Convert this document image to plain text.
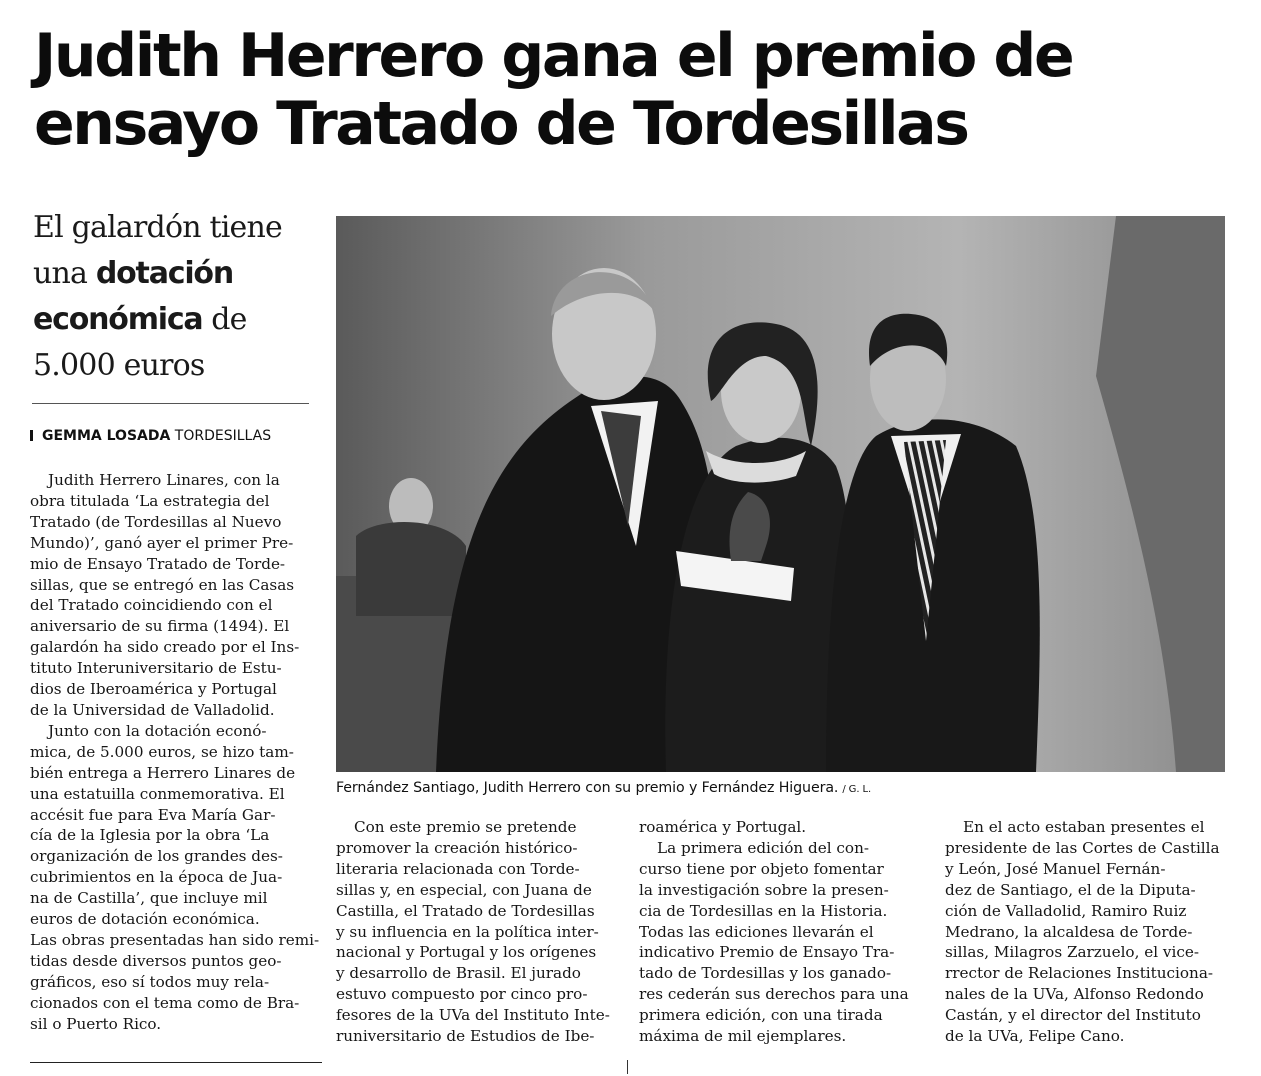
Judith Herrero gana el premio de
ensayo Tratado de Tordesillas
El galardón tiene
una dotación
económica de
5.000 euros
GEMMA LOSADA TORDESILLAS
Judith Herrero Linares, con la
obra titulada ‘La estrategia del
Tratado (de Tordesillas al Nuevo
Mundo)’, ganó ayer el primer Pre-
mio de Ensayo Tratado de Torde-
sillas, que se entregó en las Casas
del Tratado coincidiendo con el
aniversario de su firma (1494). El
galardón ha sido creado por el Ins-
tituto Interuniversitario de Estu-
dios de Iberoamérica y Portugal
de la Universidad de Valladolid.
Junto con la dotación econó-
mica, de 5.000 euros, se hizo tam-
bién entrega a Herrero Linares de
una estatuilla conmemorativa. El
accésit fue para Eva María Gar-
cía de la Iglesia por la obra ‘La
organización de los grandes des-
cubrimientos en la época de Jua-
na de Castilla’, que incluye mil
euros de dotación económica.
Las obras presentadas han sido remi-
tidas desde diversos puntos geo-
gráficos, eso sí todos muy rela-
cionados con el tema como de Bra-
sil o Puerto Rico.
Con este premio se pretende
promover la creación histórico-
literaria relacionada con Torde-
sillas y, en especial, con Juana de
Castilla, el Tratado de Tordesillas
y su influencia en la política inter-
nacional y Portugal y los orígenes
y desarrollo de Brasil. El jurado
estuvo compuesto por cinco pro-
fesores de la UVa del Instituto Inte-
runiversitario de Estudios de Ibe-
roamérica y Portugal.
La primera edición del con-
curso tiene por objeto fomentar
la investigación sobre la presen-
cia de Tordesillas en la Historia.
Todas las ediciones llevarán el
indicativo Premio de Ensayo Tra-
tado de Tordesillas y los ganado-
res cederán sus derechos para una
primera edición, con una tirada
máxima de mil ejemplares.
En el acto estaban presentes el
presidente de las Cortes de Castilla
y León, José Manuel Fernán-
dez de Santiago, el de la Diputa-
ción de Valladolid, Ramiro Ruiz
Medrano, la alcaldesa de Torde-
sillas, Milagros Zarzuelo, el vice-
rrector de Relaciones Instituciona-
nales de la UVa, Alfonso Redondo
Castán, y el director del Instituto
de la UVa, Felipe Cano.
Fernández Santiago, Judith Herrero con su premio y Fernández Higuera. / G. L.
